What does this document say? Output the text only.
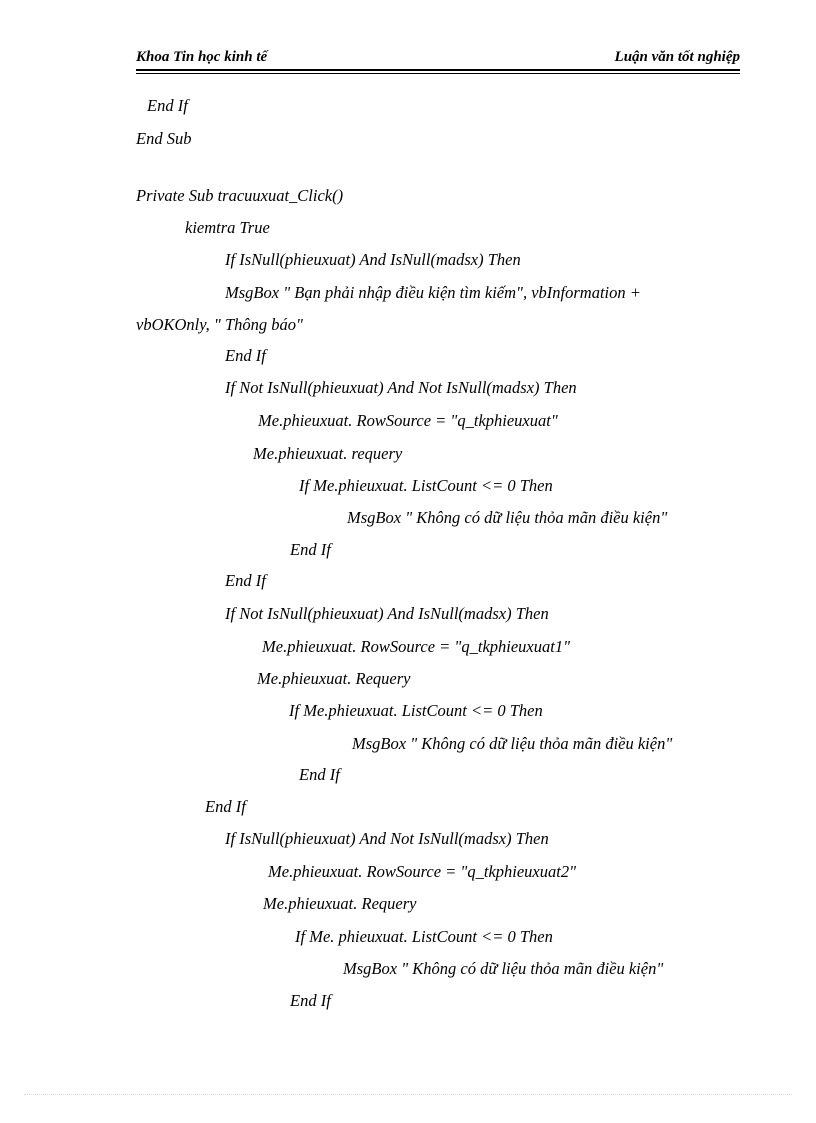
Khoa Tin học kinh tế	Luận văn tốt nghiệp
End If
End Sub
Private Sub tracuuxuat_Click()
kiemtra True
If IsNull(phieuxuat) And IsNull(madsx) Then
MsgBox " Bạn phải nhập điều kiện tìm kiếm", vbInformation +
vbOKOnly, " Thông báo"
End If
If Not IsNull(phieuxuat) And Not IsNull(madsx) Then
Me.phieuxuat. RowSource = "q_tkphieuxuat"
Me.phieuxuat. requery
If Me.phieuxuat. ListCount <= 0 Then
MsgBox " Không có dữ liệu thỏa mãn điều kiện"
End If
End If
If Not IsNull(phieuxuat) And IsNull(madsx) Then
Me.phieuxuat. RowSource = "q_tkphieuxuat1"
Me.phieuxuat. Requery
If Me.phieuxuat. ListCount <= 0 Then
MsgBox " Không có dữ liệu thỏa mãn điều kiện"
End If
End If
If IsNull(phieuxuat) And Not IsNull(madsx) Then
Me.phieuxuat. RowSource = "q_tkphieuxuat2"
Me.phieuxuat. Requery
If Me. phieuxuat. ListCount <= 0 Then
MsgBox " Không có dữ liệu thỏa mãn điều kiện"
End If
